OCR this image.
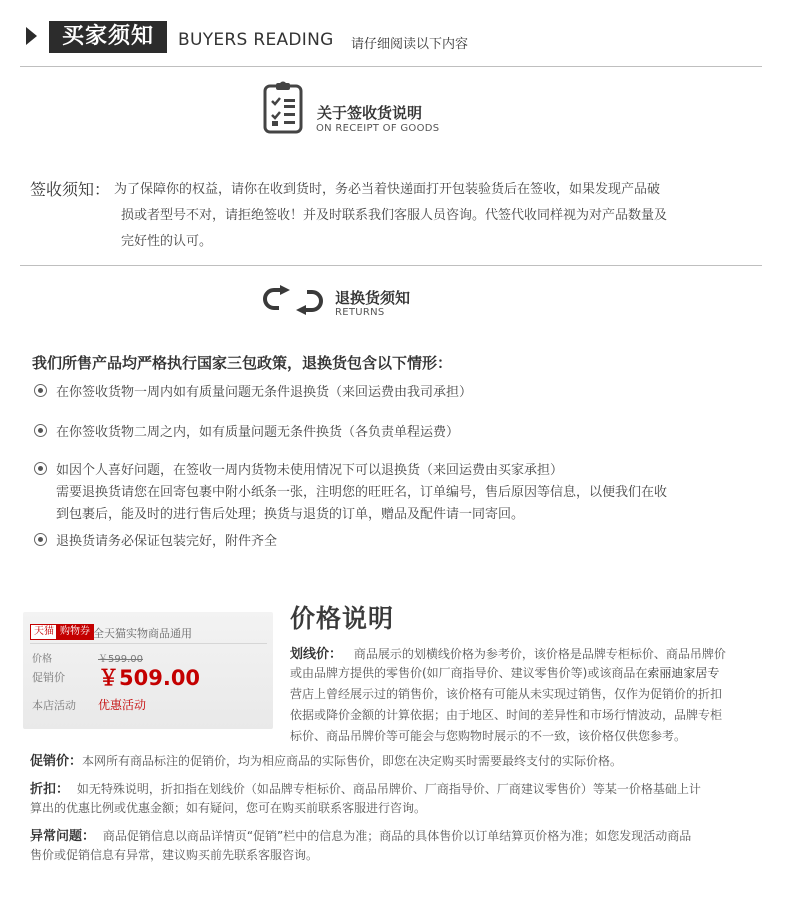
买家须知	BUYERS READING 请仔细阅读以下内容
关于签收货说明
ON RECEIPT OF GOODS
签收须知： 为了保障你的权益，请你在收到货时，务必当着快递面打开包装验货后在签收，如果发现产品破
损或者型号不对，请拒绝签收！并及时联系我们客服人员咨询。代签代收同样视为对产品数量及
完好性的认可。
退换货须知
RETURNS
我们所售产品均严格执行国家三包政策，退换货包含以下情形：
在你签收货物一周内如有质量问题无条件退换货（来回运费由我司承担）
在你签收货物二周之内，如有质量问题无条件换货（各负责单程运费）
如因个人喜好问题，在签收一周内货物未使用情况下可以退换货（来回运费由买家承担）
需要退换货请您在回寄包裹中附小纸条一张，注明您的旺旺名，订单编号，售后原因等信息，以便我们在收
到包裹后，能及时的进行售后处理；换货与退货的订单，赠品及配件请一同寄回。
退换货请务必保证包装完好，附件齐全
天猫 购物券 全天猫实物商品通用
价格	￥599.00
促销价 ￥509.00
本店活动 优惠活动
价格说明
划线价： 商品展示的划横线价格为参考价，该价格是品牌专柜标价、商品吊牌价
或由品牌方提供的零售价(如厂商指导价、建议零售价等)或该商品在索丽迪家居专
营店上曾经展示过的销售价，该价格有可能从未实现过销售，仅作为促销价的折扣
依据或降价金额的计算依据；由于地区、时间的差异性和市场行情波动，品牌专柜
标价、商品吊牌价等可能会与您购物时展示的不一致，该价格仅供您参考。
促销价：本网所有商品标注的促销价，均为相应商品的实际售价，即您在决定购买时需要最终支付的实际价格。
折扣： 如无特殊说明，折扣指在划线价（如品牌专柜标价、商品吊牌价、厂商指导价、厂商建议零售价）等某一价格基础上计
算出的优惠比例或优惠金额；如有疑问，您可在购买前联系客服进行咨询。
异常问题： 商品促销信息以商品详情页“促销”栏中的信息为准；商品的具体售价以订单结算页价格为准；如您发现活动商品
售价或促销信息有异常，建议购买前先联系客服咨询。
